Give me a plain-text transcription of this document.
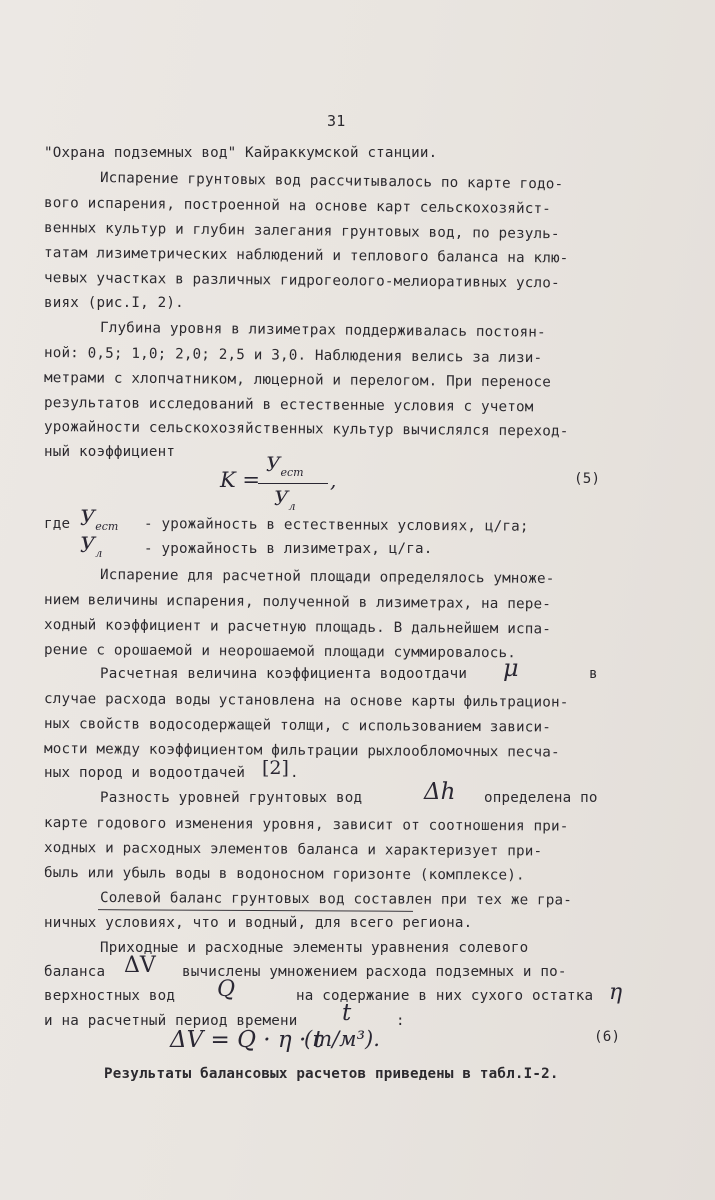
31
"Охрана подземных вод" Кайраккумской станции.
Испарение грунтовых вод рассчитывалось по карте годо-
вого испарения, построенной на основе карт сельскохозяйст-
венных культур и глубин залегания грунтовых вод, по резуль-
татам лизиметрических наблюдений и теплового баланса на клю-
чевых участках в различных гидрогеолого-мелиоративных усло-
виях (рис.I, 2).
Глубина уровня в лизиметрах поддерживалась постоян-
ной: 0,5; 1,0; 2,0; 2,5 и 3,0. Наблюдения велись за лизи-
метрами с хлопчатником, люцерной и перелогом. При переносе
результатов исследований в естественные условия с учетом
урожайности сельскохозяйственных культур вычислялся переход-
ный коэффициент
K =
$У_{ест}$
$У_л$
,	(5)
где $У_{ест}$ - урожайность в естественных условиях, ц/га;
$У_л$	- урожайность в лизиметрах, ц/га.
Испарение для расчетной площади определялось умноже-
нием величины испарения, полученной в лизиметрах, на пере-
ходный коэффициент и расчетную площадь. В дальнейшем испа-
рение с орошаемой и неорошаемой площади суммировалось.
Расчетная величина коэффициента водоотдачи μ	в
случае расхода воды установлена на основе карты фильтрацион-
ных свойств водосодержащей толщи, с использованием зависи-
мости между коэффициентом фильтрации рыхлообломочных песча-
ных пород и водоотдачей [2] .
Разность уровней грунтовых вод	Δh определена по
карте годового изменения уровня, зависит от соотношения при-
ходных и расходных элементов баланса и характеризует при-
быль или убыль воды в водоносном горизонте (комплексе).
Солевой баланс грунтовых вод составлен при тех же гра-
ничных условиях, что и водный, для всего региона.
Приходные и расходные элементы уравнения солевого
баланса ΔV вычислены умножением расхода подземных и по-
верхностных вод Q	на содержание в них сухого остатка η
и на расчетный период времени t	:
ΔV = Q · η · t
(т/м³).	(6)
Результаты балансовых расчетов приведены в табл.I-2.
